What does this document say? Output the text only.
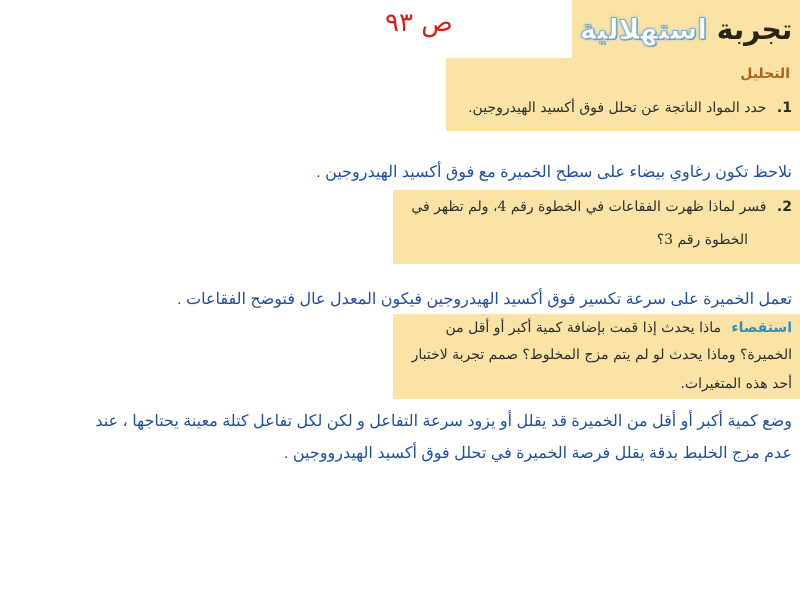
ص ٩٣	تجربة استهلالية
التحليل
1. حدد المواد الناتجة عن تحلل فوق أكسيد الهيدروجين.
نلاحظ تكون رغاوي بيضاء على سطح الخميرة مع فوق أكسيد الهيدروجين .
2. فسر لماذا ظهرت الفقاعات في الخطوة رقم 4، ولم تظهر في
الخطوة رقم 3؟
تعمل الخميرة على سرعة تكسير فوق أكسيد الهيدروجين فيكون المعدل عال فتوضح الفقاعات .
استقصاء ماذا يحدث إذا قمت بإضافة كمية أكبر أو أقل من
الخميرة؟ وماذا يحدث لو لم يتم مزج المخلوط؟ صمم تجربة لاختبار
أحد هذه المتغيرات.
وضع كمية أكبر أو أقل من الخميرة قد يقلل أو يزود سرعة التفاعل و لكن لكل تفاعل كتلة معينة يحتاجها ، عند
عدم مزج الخليط بدقة يقلل فرصة الخميرة في تحلل فوق أكسيد الهيدرووجين .
